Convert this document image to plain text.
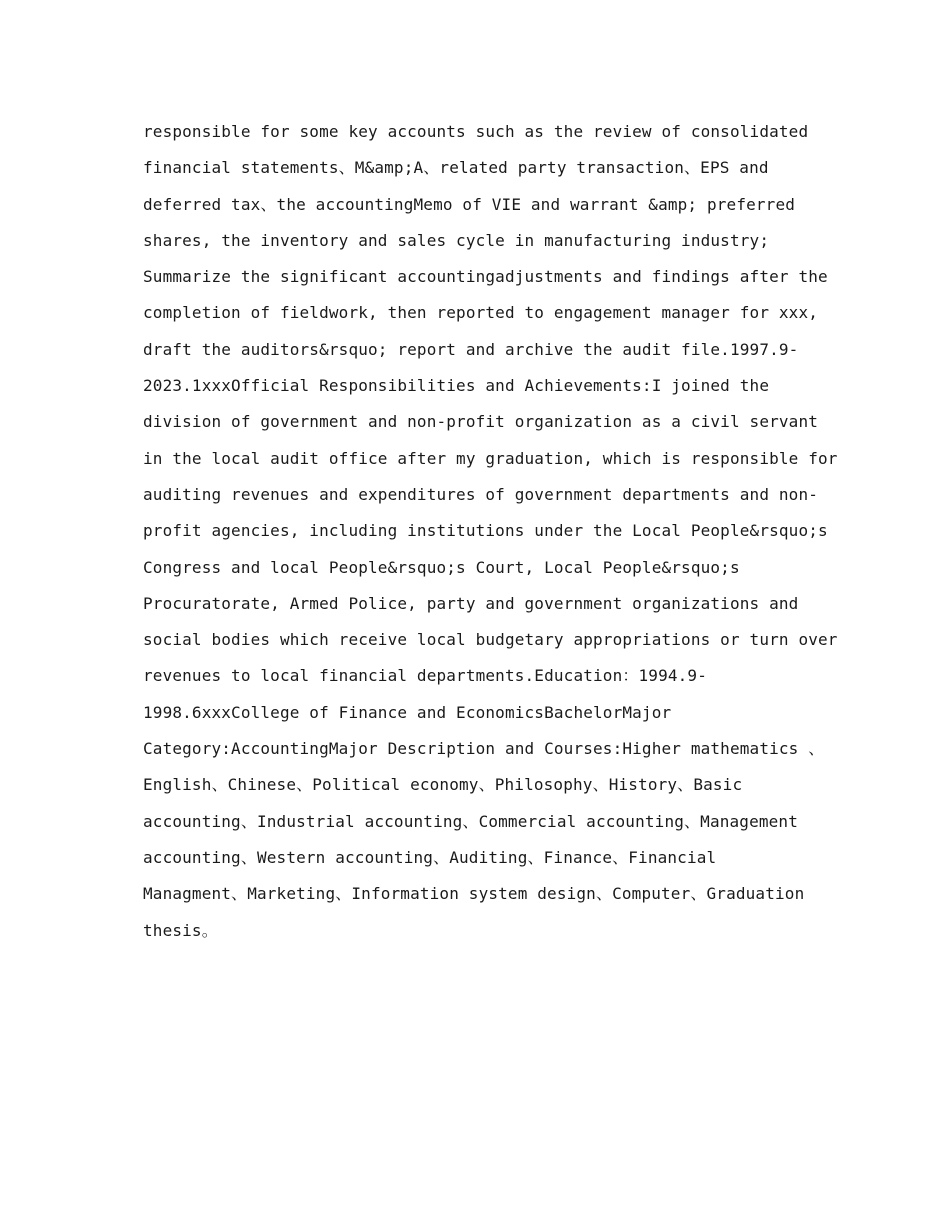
responsible for some key accounts such as the review of consolidated
financial statements、M&amp;A、related party transaction、EPS and
deferred tax、the accountingMemo of VIE and warrant &amp; preferred
shares, the inventory and sales cycle in manufacturing industry;
Summarize the significant accountingadjustments and findings after the
completion of fieldwork, then reported to engagement manager for xxx,
draft the auditors&rsquo; report and archive the audit file.1997.9-
2023.1xxxOfficial Responsibilities and Achievements:I joined the
division of government and non-profit organization as a civil servant
in the local audit office after my graduation, which is responsible for
auditing revenues and expenditures of government departments and non-
profit agencies, including institutions under the Local People&rsquo;s
Congress and local People&rsquo;s Court, Local People&rsquo;s
Procuratorate, Armed Police, party and government organizations and
social bodies which receive local budgetary appropriations or turn over
revenues to local financial departments.Education：1994.9-
1998.6xxxCollege of Finance and EconomicsBachelorMajor
Category:AccountingMajor Description and Courses:Higher mathematics 、
English、Chinese、Political economy、Philosophy、History、Basic
accounting、Industrial accounting、Commercial accounting、Management
accounting、Western accounting、Auditing、Finance、Financial
Managment、Marketing、Information system design、Computer、Graduation
thesis。
